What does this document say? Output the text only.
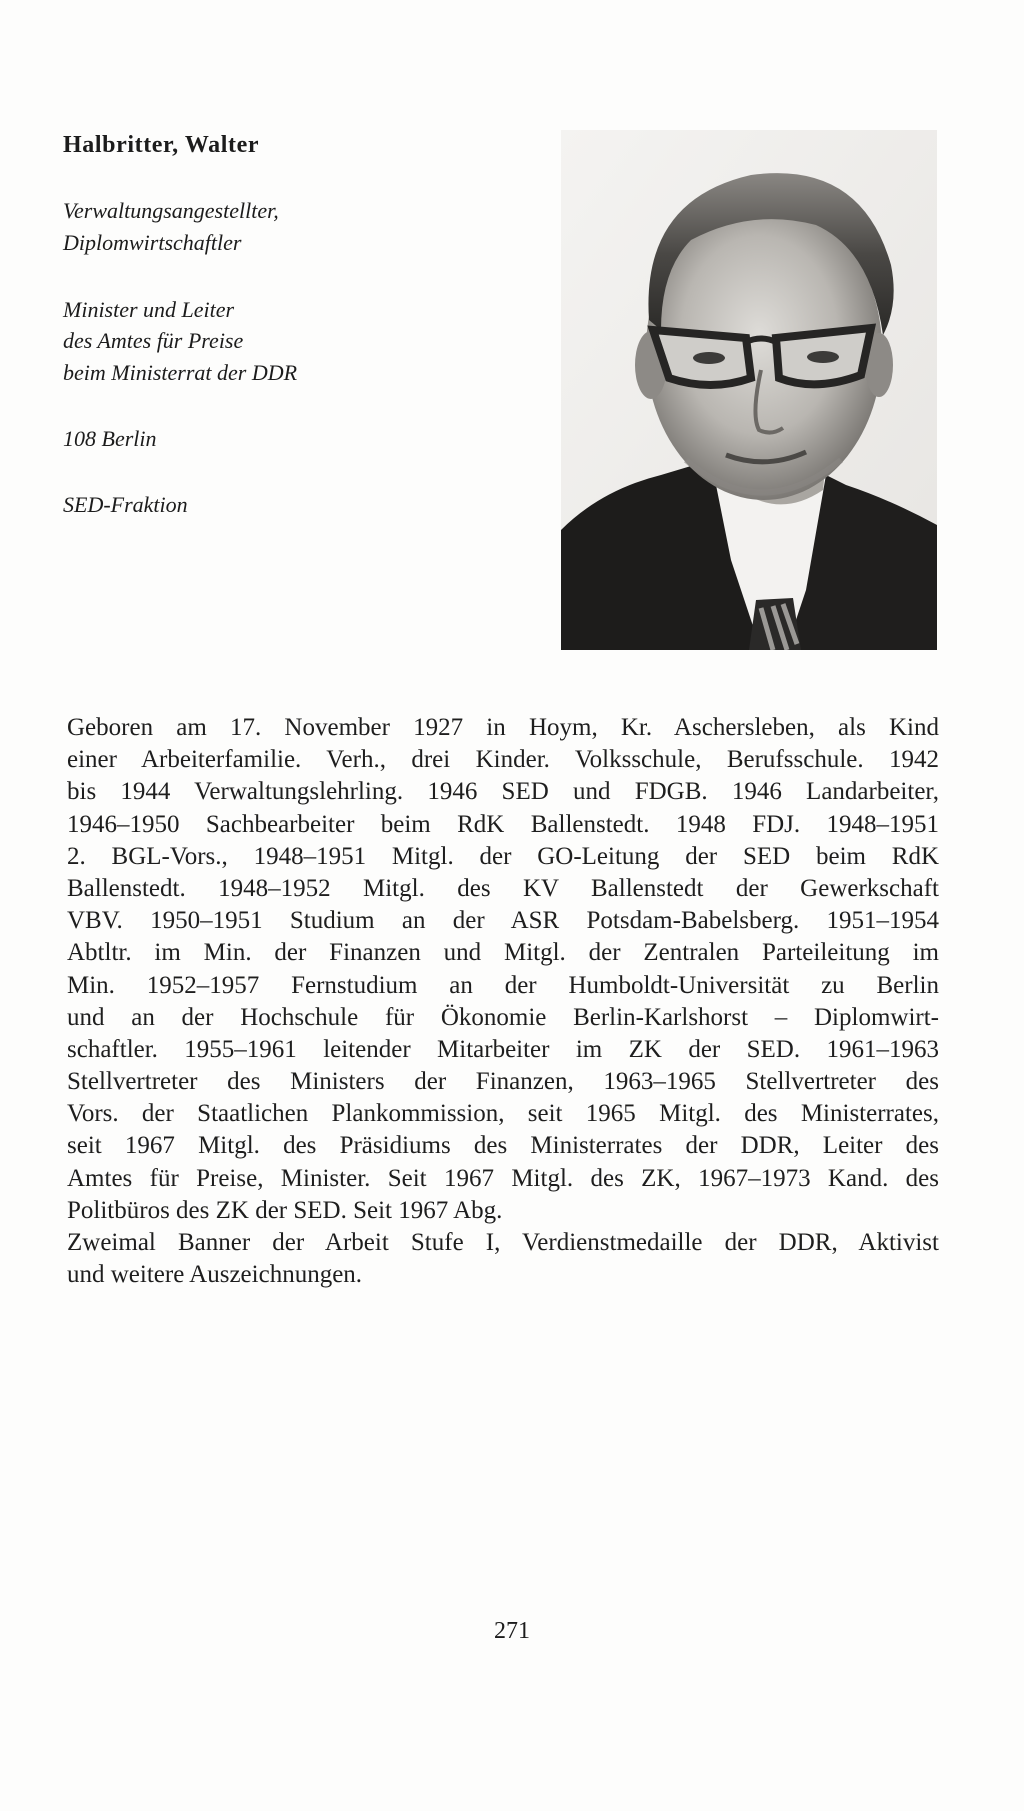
Halbritter, Walter
Verwaltungsangestellter,
Diplomwirtschaftler
Minister und Leiter
des Amtes für Preise
beim Ministerrat der DDR
108 Berlin
SED-Fraktion
Geboren am 17. November 1927 in Hoym, Kr. Aschersleben, als Kind
einer Arbeiterfamilie. Verh., drei Kinder. Volksschule, Berufsschule. 1942
bis 1944 Verwaltungslehrling. 1946 SED und FDGB. 1946 Landarbeiter,
1946–1950 Sachbearbeiter beim RdK Ballenstedt. 1948 FDJ. 1948–1951
2. BGL-Vors., 1948–1951 Mitgl. der GO-Leitung der SED beim RdK
Ballenstedt. 1948–1952 Mitgl. des KV Ballenstedt der Gewerkschaft
VBV. 1950–1951 Studium an der ASR Potsdam-Babelsberg. 1951–1954
Abtltr. im Min. der Finanzen und Mitgl. der Zentralen Parteileitung im
Min. 1952–1957 Fernstudium an der Humboldt-Universität zu Berlin
und an der Hochschule für Ökonomie Berlin-Karlshorst – Diplomwirt-
schaftler. 1955–1961 leitender Mitarbeiter im ZK der SED. 1961–1963
Stellvertreter des Ministers der Finanzen, 1963–1965 Stellvertreter des
Vors. der Staatlichen Plankommission, seit 1965 Mitgl. des Ministerrates,
seit 1967 Mitgl. des Präsidiums des Ministerrates der DDR, Leiter des
Amtes für Preise, Minister. Seit 1967 Mitgl. des ZK, 1967–1973 Kand. des
Politbüros des ZK der SED. Seit 1967 Abg.
Zweimal Banner der Arbeit Stufe I, Verdienstmedaille der DDR, Aktivist
und weitere Auszeichnungen.
271
